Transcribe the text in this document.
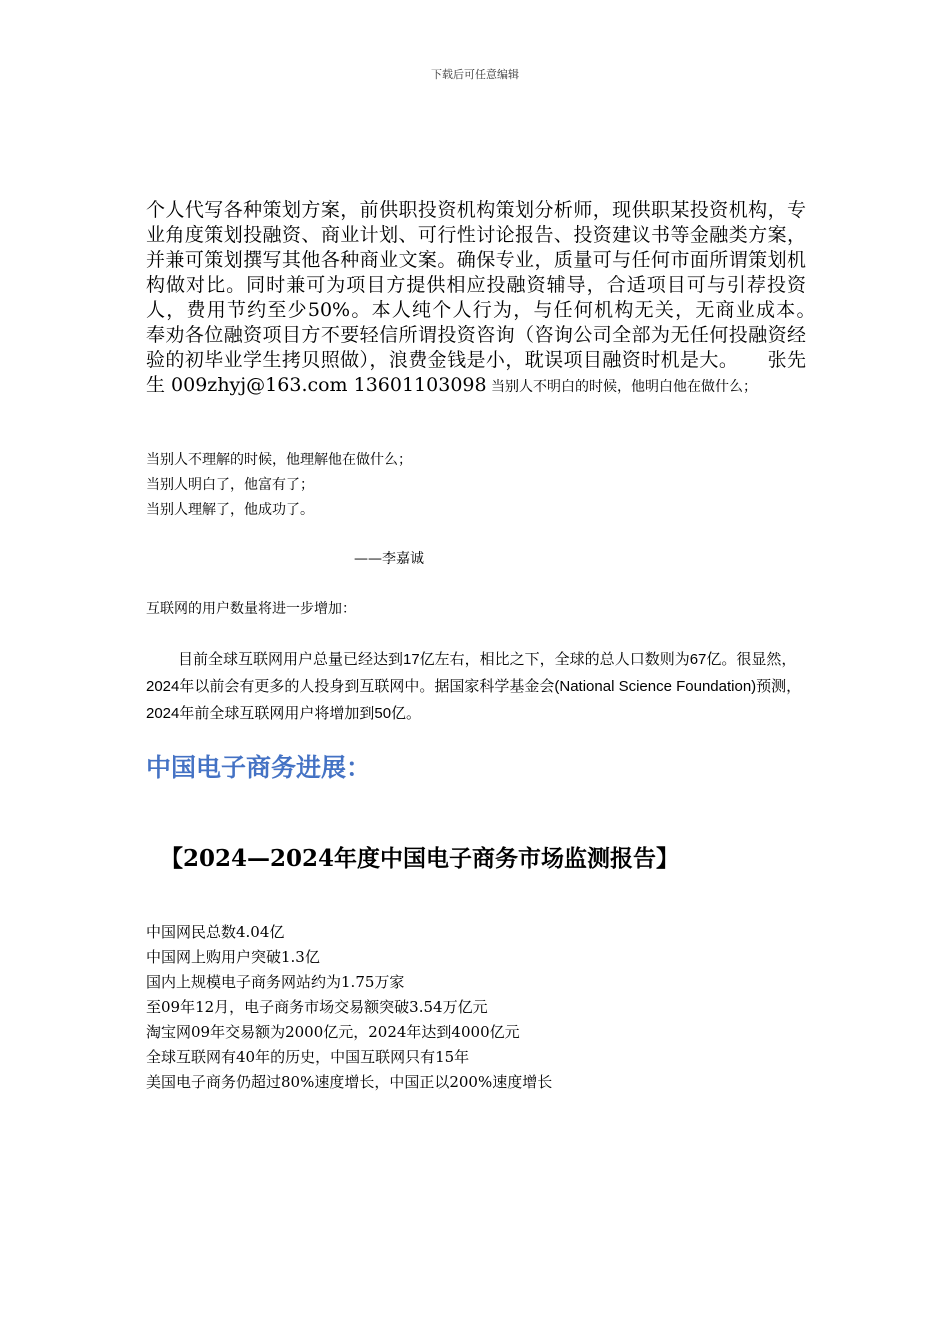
下载后可任意编辑
个人代写各种策划方案，前供职投资机构策划分析师，现供职某投资机构，专业角度策划投融资、商业计划、可行性讨论报告、投资建议书等金融类方案，并兼可策划撰写其他各种商业文案。确保专业，质量可与任何市面所谓策划机构做对比。同时兼可为项目方提供相应投融资辅导，合适项目可与引荐投资人，费用节约至少50%。本人纯个人行为，与任何机构无关，无商业成本。　　奉劝各位融资项目方不要轻信所谓投资咨询（咨询公司全部为无任何投融资经验的初毕业学生拷贝照做），浪费金钱是小，耽误项目融资时机是大。　　张先生 009zhyj@163.com 13601103098 当别人不明白的时候，他明白他在做什么；
当别人不理解的时候，他理解他在做什么；
当别人明白了，他富有了；
当别人理解了，他成功了。
——李嘉诚
互联网的用户数量将进一步增加：
目前全球互联网用户总量已经达到17亿左右，相比之下，全球的总人口数则为67亿。很显然，2024年以前会有更多的人投身到互联网中。据国家科学基金会(National Science Foundation)预测，2024年前全球互联网用户将增加到50亿。
中国电子商务进展：
【2024—2024年度中国电子商务市场监测报告】
中国网民总数4.04亿
中国网上购用户突破1.3亿
国内上规模电子商务网站约为1.75万家
至09年12月，电子商务市场交易额突破3.54万亿元
淘宝网09年交易额为2000亿元，2024年达到4000亿元
全球互联网有40年的历史，中国互联网只有15年
美国电子商务仍超过80%速度增长，中国正以200%速度增长
